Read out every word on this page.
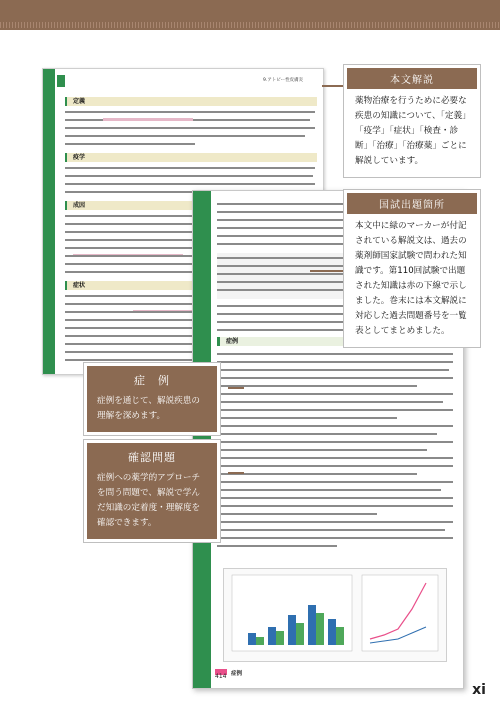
9.アトピー性皮膚炎
定義
疫学
成因
症状
症例
症例
414
本文解説
薬物治療を行うために必要な疾患の知識について、「定義」「疫学」「症状」「検査・診断」「治療」「治療薬」ごとに解説しています。
国試出題箇所
本文中に緑のマーカーが付記されている解説文は、過去の薬剤師国家試験で問われた知識です。第110回試験で出題された知識は赤の下線で示しました。巻末には本文解説に対応した過去問題番号を一覧表としてまとめました。
症　例
症例を通じて、解説疾患の理解を深めます。
確認問題
症例への薬学的アプローチを問う問題で、解説で学んだ知識の定着度・理解度を確認できます。
xi
